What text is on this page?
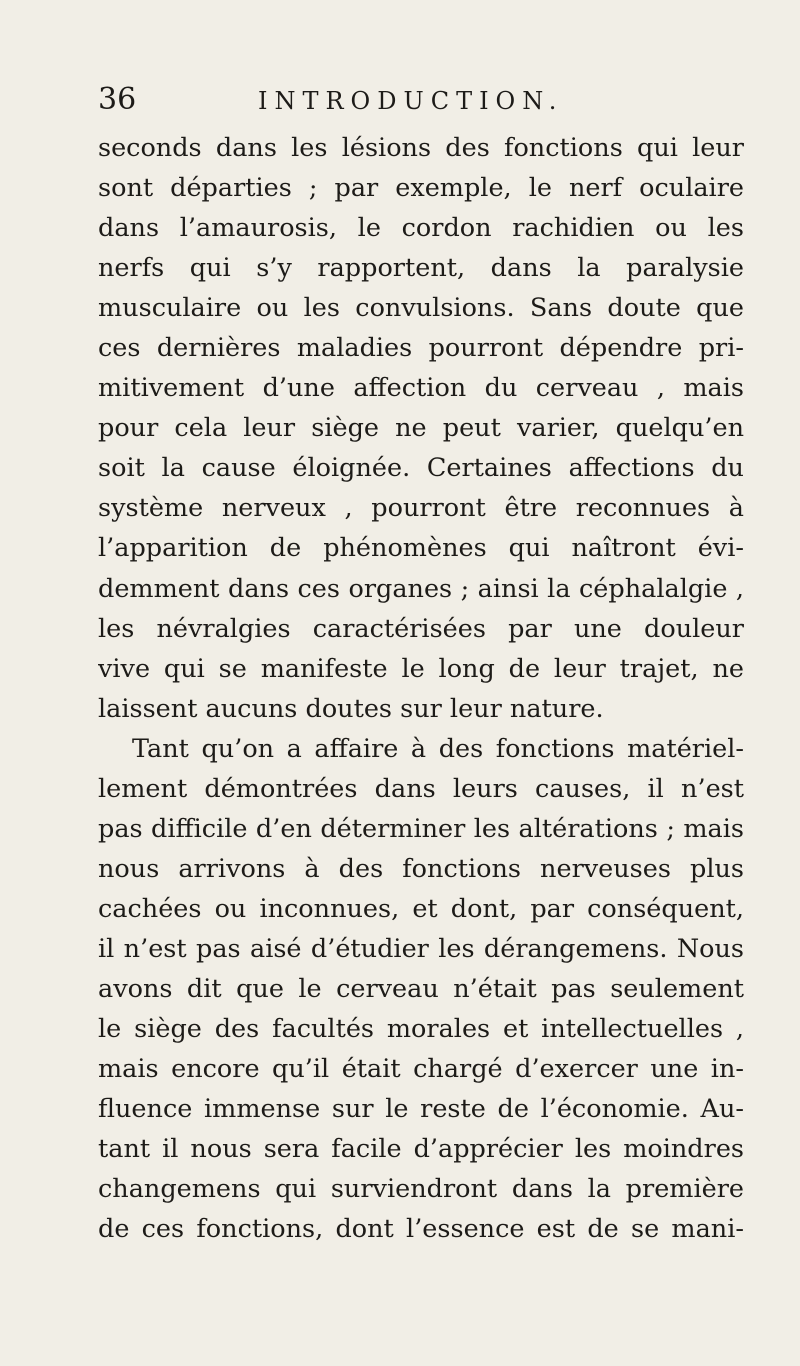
36	INTRODUCTION.
seconds dans les lésions des fonctions qui leur
sont départies ; par exemple, le nerf oculaire
dans l’amaurosis, le cordon rachidien ou les
nerfs qui s’y rapportent, dans la paralysie
musculaire ou les convulsions. Sans doute que
ces dernières maladies pourront dépendre pri-
mitivement d’une affection du cerveau , mais
pour cela leur siège ne peut varier, quelqu’en
soit la cause éloignée. Certaines affections du
système nerveux , pourront être reconnues à
l’apparition de phénomènes qui naîtront évi-
demment dans ces organes ; ainsi la céphalalgie ,
les névralgies caractérisées par une douleur
vive qui se manifeste le long de leur trajet, ne
laissent aucuns doutes sur leur nature.
Tant qu’on a affaire à des fonctions matériel-
lement démontrées dans leurs causes, il n’est
pas difficile d’en déterminer les altérations ; mais
nous arrivons à des fonctions nerveuses plus
cachées ou inconnues, et dont, par conséquent,
il n’est pas aisé d’étudier les dérangemens. Nous
avons dit que le cerveau n’était pas seulement
le siège des facultés morales et intellectuelles ,
mais encore qu’il était chargé d’exercer une in-
fluence immense sur le reste de l’économie. Au-
tant il nous sera facile d’apprécier les moindres
changemens qui surviendront dans la première
de ces fonctions, dont l’essence est de se mani-
